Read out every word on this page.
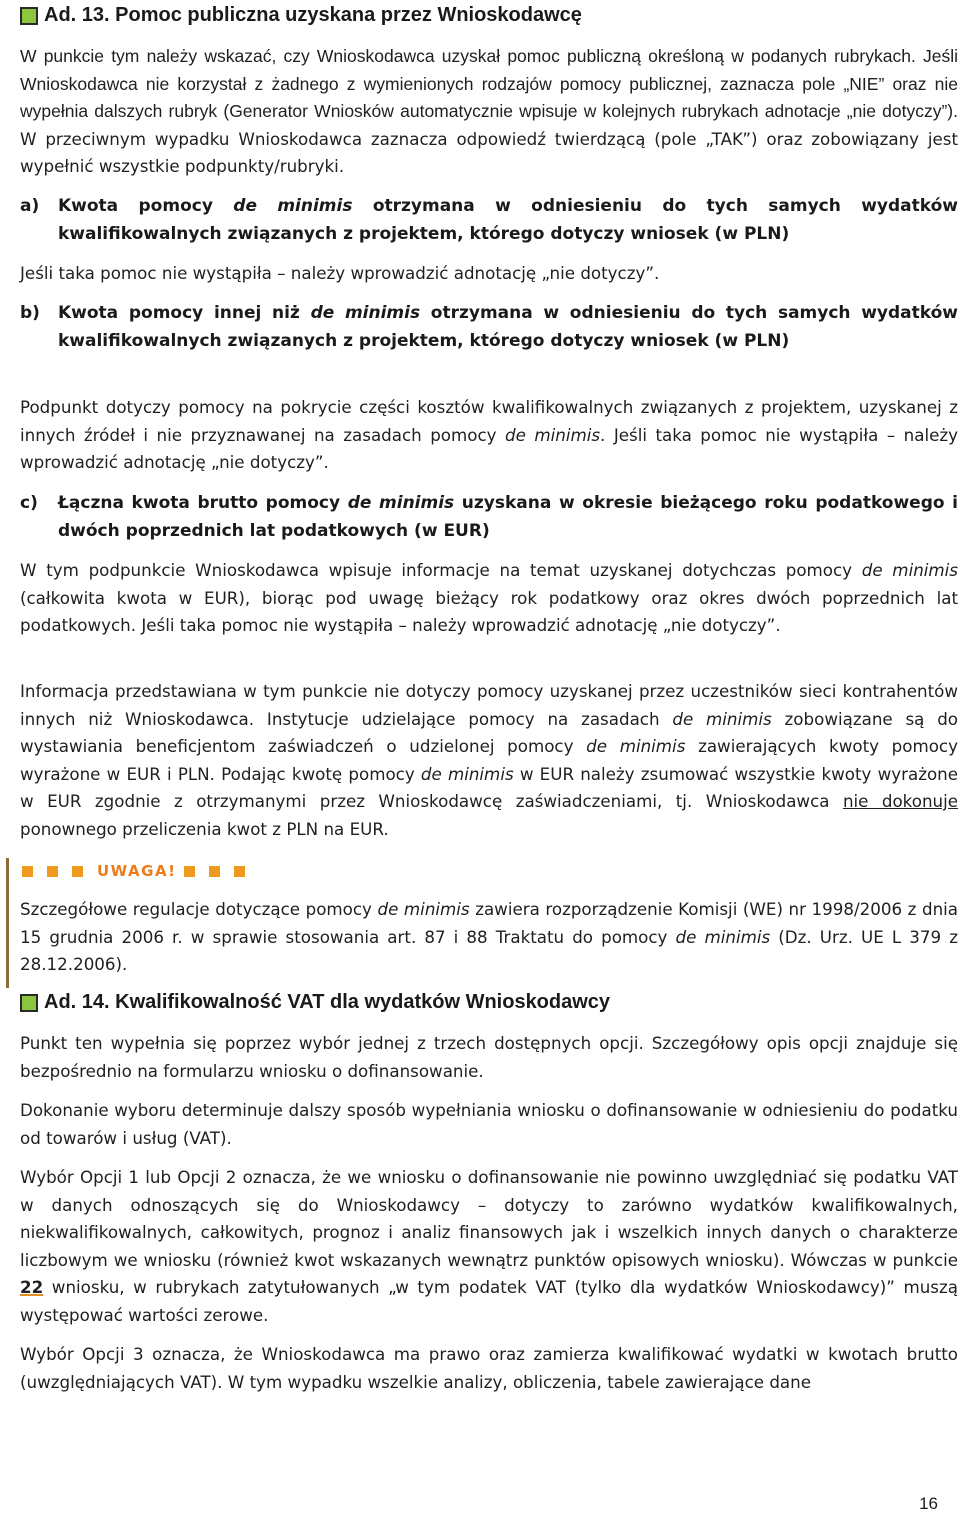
Ad. 13. Pomoc publiczna uzyskana przez Wnioskodawcę

W punkcie tym należy wskazać, czy Wnioskodawca uzyskał pomoc publiczną określoną w podanych rubrykach. Jeśli Wnioskodawca nie korzystał z żadnego z wymienionych rodzajów pomocy publicznej, zaznacza pole „NIE” oraz nie wypełnia dalszych rubryk (Generator Wniosków automatycznie wpisuje w kolejnych rubrykach adnotacje „nie dotyczy”). W przeciwnym wypadku Wnioskodawca zaznacza odpowiedź twierdzącą (pole „TAK”) oraz zobowiązany jest wypełnić wszystkie podpunkty/rubryki.

a)	Kwota pomocy de minimis otrzymana w odniesieniu do tych samych wydatków kwalifikowalnych związanych z projektem, którego dotyczy wniosek (w PLN)

Jeśli taka pomoc nie wystąpiła – należy wprowadzić adnotację „nie dotyczy”.

b)	Kwota pomocy innej niż de minimis otrzymana w odniesieniu do tych samych wydatków kwalifikowalnych związanych z projektem, którego dotyczy wniosek (w PLN)

Podpunkt dotyczy pomocy na pokrycie części kosztów kwalifikowalnych związanych z projektem, uzyskanej z innych źródeł i nie przyznawanej na zasadach pomocy de minimis. Jeśli taka pomoc nie wystąpiła – należy wprowadzić adnotację „nie dotyczy”.

c)	Łączna kwota brutto pomocy de minimis uzyskana w okresie bieżącego roku podatkowego i dwóch poprzednich lat podatkowych (w EUR)

W tym podpunkcie Wnioskodawca wpisuje informacje na temat uzyskanej dotychczas pomocy de minimis (całkowita kwota w EUR), biorąc pod uwagę bieżący rok podatkowy oraz okres dwóch poprzednich lat podatkowych. Jeśli taka pomoc nie wystąpiła – należy wprowadzić adnotację „nie dotyczy”.

Informacja przedstawiana w tym punkcie nie dotyczy pomocy uzyskanej przez uczestników sieci kontrahentów innych niż Wnioskodawca. Instytucje udzielające pomocy na zasadach de minimis zobowiązane są do wystawiania beneficjentom zaświadczeń o udzielonej pomocy de minimis zawierających kwoty pomocy wyrażone w EUR i PLN. Podając kwotę pomocy de minimis w EUR należy zsumować wszystkie kwoty wyrażone w EUR zgodnie z otrzymanymi przez Wnioskodawcę zaświadczeniami, tj. Wnioskodawca nie dokonuje ponownego przeliczenia kwot z PLN na EUR.

UWAGA!

Szczegółowe regulacje dotyczące pomocy de minimis zawiera rozporządzenie Komisji (WE) nr 1998/2006 z dnia 15 grudnia 2006 r. w sprawie stosowania art. 87 i 88 Traktatu do pomocy de minimis (Dz. Urz. UE L 379 z 28.12.2006).

Ad. 14. Kwalifikowalność VAT dla wydatków Wnioskodawcy

Punkt ten wypełnia się poprzez wybór jednej z trzech dostępnych opcji. Szczegółowy opis opcji znajduje się bezpośrednio na formularzu wniosku o dofinansowanie.

Dokonanie wyboru determinuje dalszy sposób wypełniania wniosku o dofinansowanie w odniesieniu do podatku od towarów i usług (VAT).

Wybór Opcji 1 lub Opcji 2 oznacza, że we wniosku o dofinansowanie nie powinno uwzględniać się podatku VAT w danych odnoszących się do Wnioskodawcy – dotyczy to zarówno wydatków kwalifikowalnych, niekwalifikowalnych, całkowitych, prognoz i analiz finansowych jak i wszelkich innych danych o charakterze liczbowym we wniosku (również kwot wskazanych wewnątrz punktów opisowych wniosku). Wówczas w punkcie 22 wniosku, w rubrykach zatytułowanych „w tym podatek VAT (tylko dla wydatków Wnioskodawcy)” muszą występować wartości zerowe.

Wybór Opcji 3 oznacza, że Wnioskodawca ma prawo oraz zamierza kwalifikować wydatki w kwotach brutto (uwzględniających VAT). W tym wypadku wszelkie analizy, obliczenia, tabele zawierające dane

16
